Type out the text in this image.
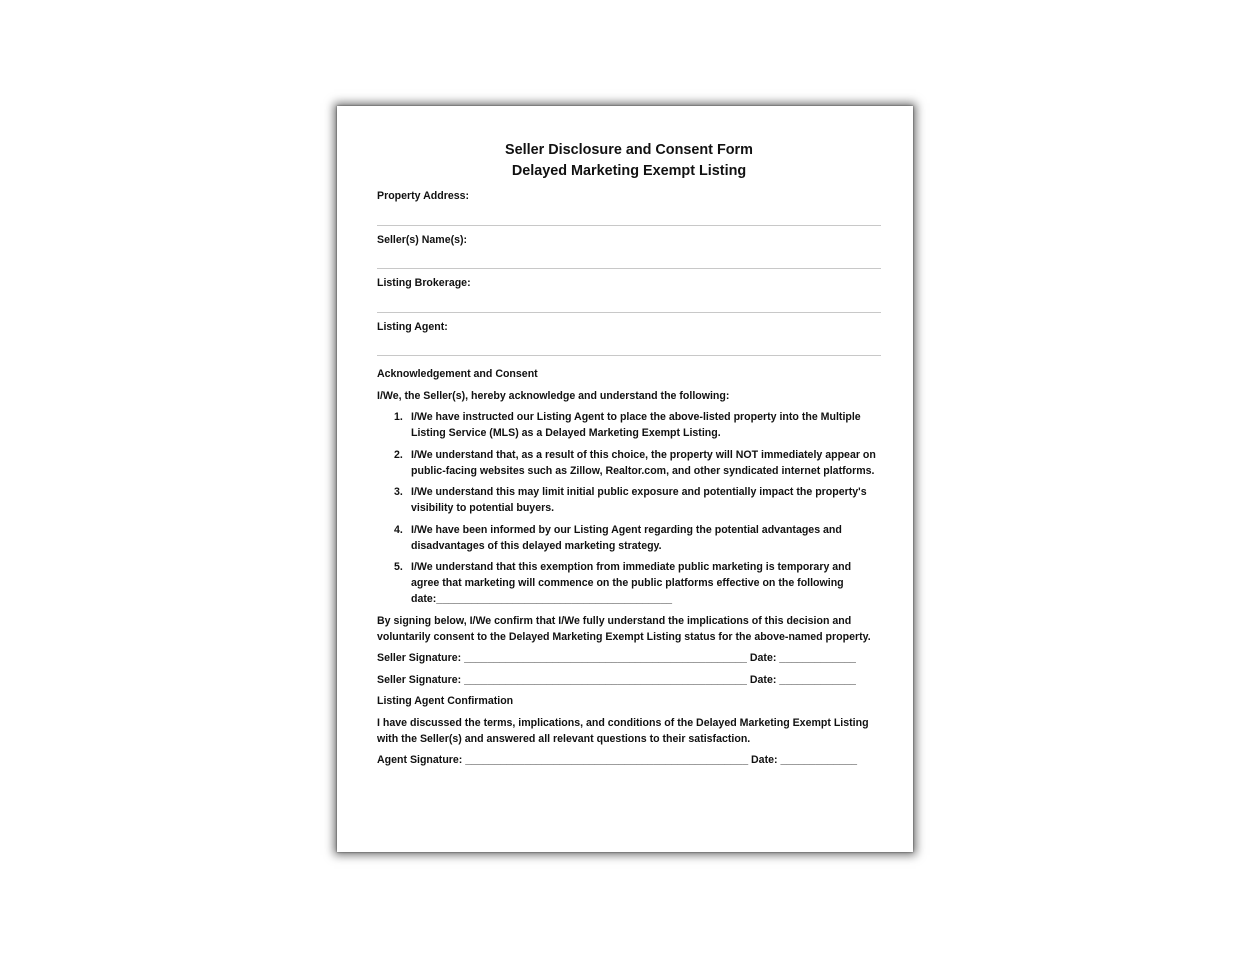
Seller Disclosure and Consent Form

Delayed Marketing Exempt Listing

Property Address:
Seller(s) Name(s):
Listing Brokerage:
Listing Agent:

Acknowledgement and Consent

I/We, the Seller(s), hereby acknowledge and understand the following:

1. I/We have instructed our Listing Agent to place the above-listed property into the Multiple Listing Service (MLS) as a Delayed Marketing Exempt Listing.
2. I/We understand that, as a result of this choice, the property will NOT immediately appear on public-facing websites such as Zillow, Realtor.com, and other syndicated internet platforms.
3. I/We understand this may limit initial public exposure and potentially impact the property's visibility to potential buyers.
4. I/We have been informed by our Listing Agent regarding the potential advantages and disadvantages of this delayed marketing strategy.
5. I/We understand that this exemption from immediate public marketing is temporary and agree that marketing will commence on the public platforms effective on the following date:________________________________________

By signing below, I/We confirm that I/We fully understand the implications of this decision and voluntarily consent to the Delayed Marketing Exempt Listing status for the above-named property.

Seller Signature: ________________________________________________ Date: _____________

Seller Signature: ________________________________________________ Date: _____________

Listing Agent Confirmation

I have discussed the terms, implications, and conditions of the Delayed Marketing Exempt Listing with the Seller(s) and answered all relevant questions to their satisfaction.

Agent Signature: ________________________________________________ Date: _____________
